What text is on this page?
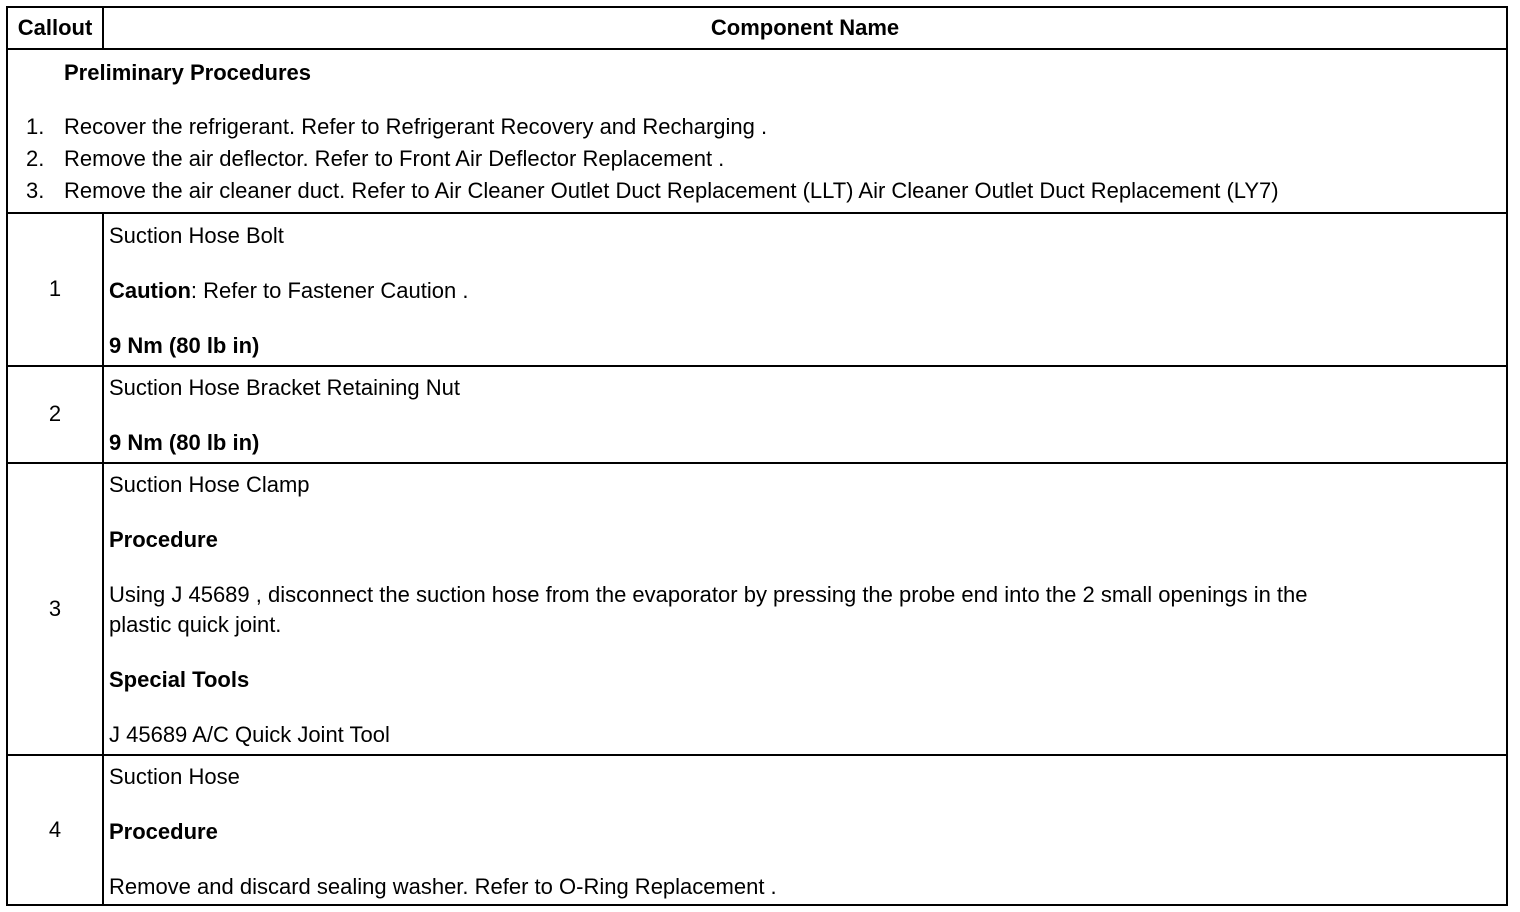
Callout	Component Name
Preliminary Procedures
1. Recover the refrigerant. Refer to Refrigerant Recovery and Recharging .
2. Remove the air deflector. Refer to Front Air Deflector Replacement .
3. Remove the air cleaner duct. Refer to Air Cleaner Outlet Duct Replacement (LLT) Air Cleaner Outlet Duct Replacement (LY7)
1
Suction Hose Bolt
Caution: Refer to Fastener Caution .
9 Nm (80 lb in)
2
Suction Hose Bracket Retaining Nut
9 Nm (80 lb in)
3
Suction Hose Clamp
Procedure
Using J 45689 , disconnect the suction hose from the evaporator by pressing the probe end into the 2 small openings in the
plastic quick joint.
Special Tools
J 45689 A/C Quick Joint Tool
4
Suction Hose
Procedure
Remove and discard sealing washer. Refer to O-Ring Replacement .
